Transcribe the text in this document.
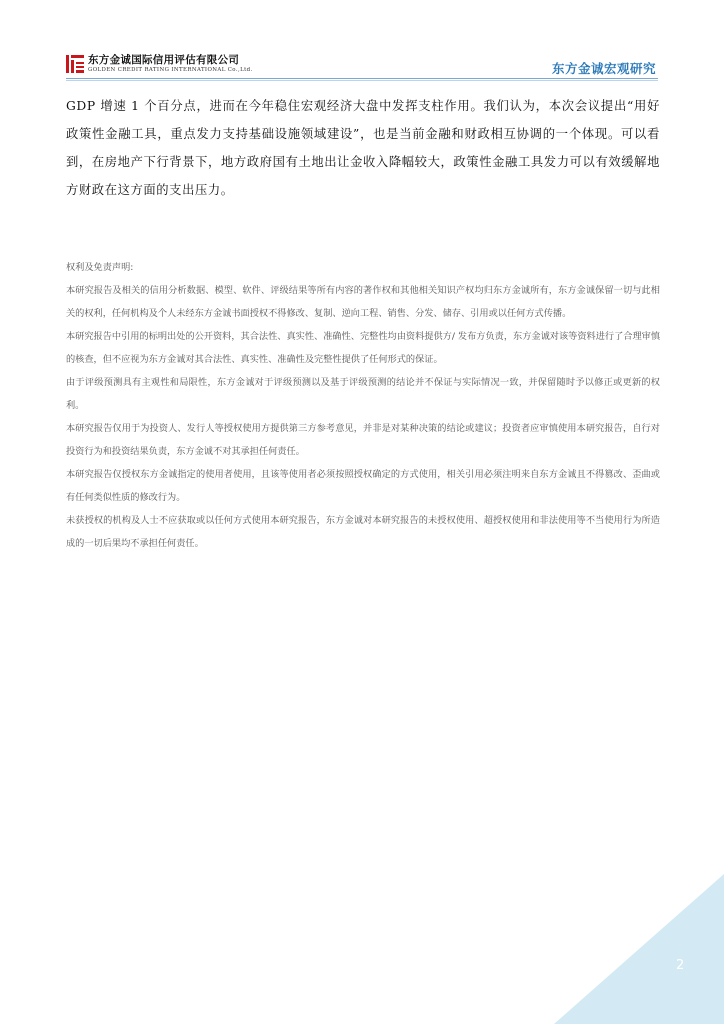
东方金诚国际信用评估有限公司
GOLDEN CREDIT RATING INTERNATIONAL Co.,Ltd.	东方金诚宏观研究

GDP 增速 1 个百分点，进而在今年稳住宏观经济大盘中发挥支柱作用。我们认为，本次会议提出“用好政策性金融工具，重点发力支持基础设施领域建设”，也是当前金融和财政相互协调的一个体现。可以看到，在房地产下行背景下，地方政府国有土地出让金收入降幅较大，政策性金融工具发力可以有效缓解地方财政在这方面的支出压力。

权利及免责声明:

本研究报告及相关的信用分析数据、模型、软件、评级结果等所有内容的著作权和其他相关知识产权均归东方金诚所有，东方金诚保留一切与此相关的权利，任何机构及个人未经东方金诚书面授权不得修改、复制、逆向工程、销售、分发、储存、引用或以任何方式传播。

本研究报告中引用的标明出处的公开资料，其合法性、真实性、准确性、完整性均由资料提供方/ 发布方负责，东方金诚对该等资料进行了合理审慎的核查，但不应视为东方金诚对其合法性、真实性、准确性及完整性提供了任何形式的保证。

由于评级预测具有主观性和局限性，东方金诚对于评级预测以及基于评级预测的结论并不保证与实际情况一致，并保留随时予以修正或更新的权利。

本研究报告仅用于为投资人、发行人等授权使用方提供第三方参考意见，并非是对某种决策的结论或建议；投资者应审慎使用本研究报告，自行对投资行为和投资结果负责，东方金诚不对其承担任何责任。

本研究报告仅授权东方金诚指定的使用者使用，且该等使用者必须按照授权确定的方式使用，相关引用必须注明来自东方金诚且不得篡改、歪曲或有任何类似性质的修改行为。

未获授权的机构及人士不应获取或以任何方式使用本研究报告，东方金诚对本研究报告的未授权使用、超授权使用和非法使用等不当使用行为所造成的一切后果均不承担任何责任。

2
